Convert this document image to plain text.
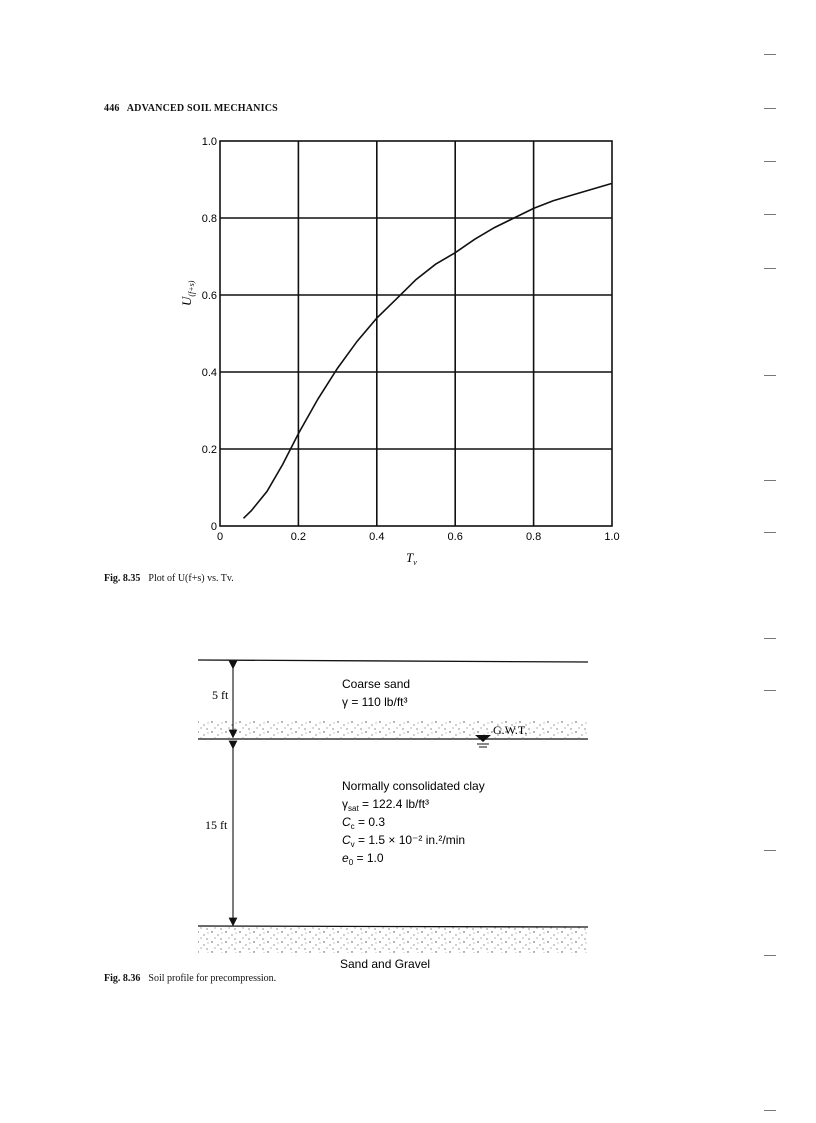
446 ADVANCED SOIL MECHANICS
0	0.2	0.4	0.6	0.8	1.0
0
0.2
0.4
0.6
0.8
1.0
$U_{(f+s)}$
$T_v$
Fig. 8.35 Plot of U(f+s) vs. Tv.
G.W.T.
5 ft
15 ft
Coarse sand
γ = 110 lb/ft³
Normally consolidated clay
$\gamma_{sat} = 122.4$ lb/ft³
$C_c = 0.3$
$C_v = 1.5 \times 10^{-2}$ in.²/min
$e_0 = 1.0$
Sand and Gravel
Fig. 8.36 Soil profile for precompression.
